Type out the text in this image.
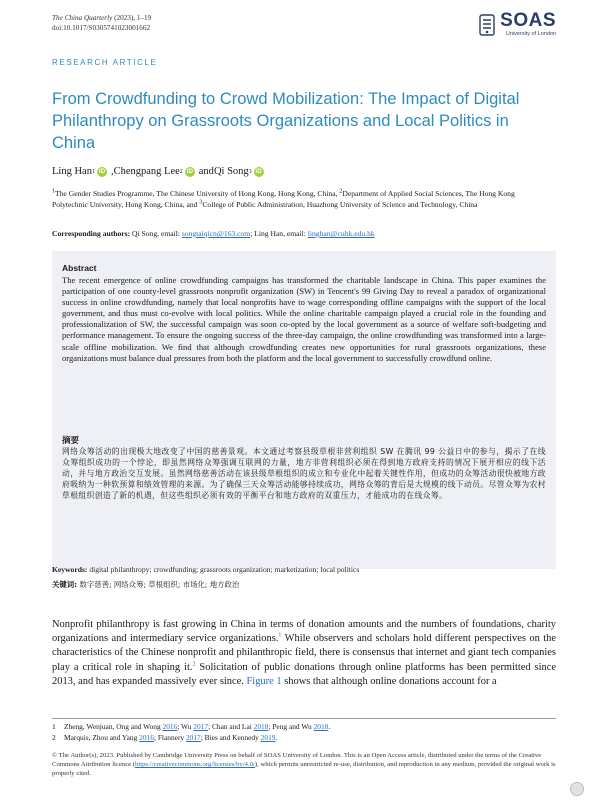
The China Quarterly (2023), 1–19
doi:10.1017/S0305741023001662	SOAS
University of London
RESEARCH ARTICLE
From Crowdfunding to Crowd Mobilization: The Impact of Digital Philanthropy on Grassroots Organizations and Local Politics in China
Ling Han 1 iD , Chengpang Lee 2 iD and Qi Song 3 iD
$^1$The Gender Studies Programme, The Chinese University of Hong Kong, Hong Kong, China, $^2$Department of Applied Social Sciences, The Hong Kong Polytechnic University, Hong Kong, China, and $^3$College of Public Administration, Huazhong University of Science and Technology, China
Corresponding authors: Qi Song, email: songtaiqicn@163.com; Ling Han, email: linghan@cuhk.edu.hk
Abstract
摘要
The recent emergence of online crowdfunding campaigns has transformed the charitable landscape in China. This paper examines the participation of one county-level grassroots nonprofit organization (SW) in Tencent's 99 Giving Day to reveal a paradox of organizational success in online crowdfunding, namely that local nonprofits have to wage corresponding offline campaigns with the support of the local government, and thus must co-evolve with local politics. While the online charitable campaign played a crucial role in the founding and professionalization of SW, the successful campaign was soon co-opted by the local government as a source of welfare soft-budgeting and performance management. To ensure the ongoing success of the three-day campaign, the online crowdfunding was transformed into a large-scale offline mobilization. We find that although crowdfunding creates new opportunities for rural grassroots organizations, these organizations must balance dual pressures from both the platform and the local government to successfully crowdfund online.
网络众筹活动的出现极大地改变了中国的慈善景观。本文通过考察县级草根非营利组织 SW 在腾讯 99 公益日中的参与，揭示了在线众筹组织成功的一个悖论，即虽然网络众筹强调互联网的力量，地方非营利组织必须在得到地方政府支持的情况下展开相应的线下活动，并与地方政治交互发展。虽然网络慈善活动在该县级草根组织的成立和专业化中起着关键性作用，但成功的众筹活动很快被地方政府吸纳为一种软预算和绩效管理的来源。为了确保三天众筹活动能够持续成功，网络众筹的背后是大规模的线下动员。尽管众筹为农村草根组织创造了新的机遇，但这些组织必须有效的平衡平台和地方政府的双重压力，才能成功的在线众筹。
Keywords: digital philanthropy; crowdfunding; grassroots organization; marketization; local politics
关键词: 数字慈善; 网络众筹; 草根组织; 市场化; 地方政治
Nonprofit philanthropy is fast growing in China in terms of donation amounts and the numbers of foundations, charity organizations and intermediary service organizations.$^1$ While observers and scholars hold different perspectives on the characteristics of the Chinese nonprofit and philanthropic field, there is consensus that internet and giant tech companies play a critical role in shaping it.$^2$ Solicitation of public donations through online platforms has been permitted since 2013, and has expanded massively ever since. Figure 1 shows that although online donations account for a
1 Zheng, Wenjuan, Ong and Wong 2016; Wu 2017; Chan and Lai 2018; Peng and Wu 2018.
2 Marquis, Zhou and Yang 2016; Flannery 2017; Bies and Kennedy 2019.
© The Author(s), 2023. Published by Cambridge University Press on behalf of SOAS University of London. This is an Open Access article, distributed under the terms of the Creative Commons Attribution licence (https://creativecommons.org/licenses/by/4.0/), which permits unrestricted re-use, distribution, and reproduction in any medium, provided the original work is properly cited.
